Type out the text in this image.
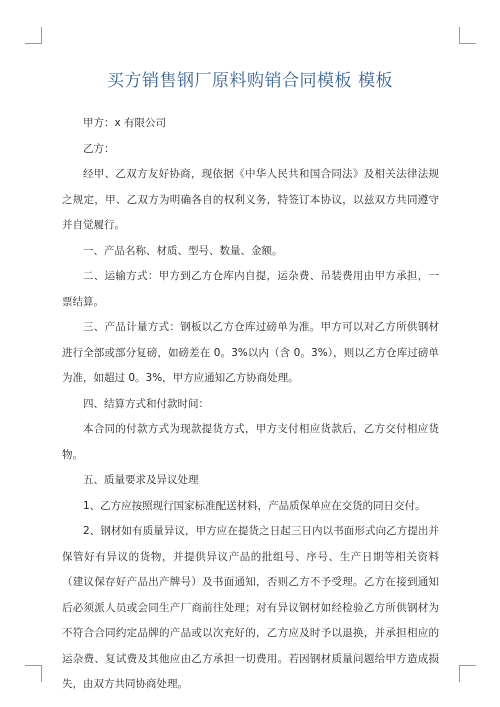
买方销售钢厂原料购销合同模板 模板

甲方：x 有限公司

乙方：

经甲、乙双方友好协商，现依据《中华人民共和国合同法》及相关法律法规之规定，甲、乙双方为明确各自的权利义务，特签订本协议，以兹双方共同遵守并自觉履行。

一、产品名称、材质、型号、数量、金额。

二、运输方式：甲方到乙方仓库内自提，运杂费、吊装费用由甲方承担，一票结算。

三、产品计量方式：钢板以乙方仓库过磅单为准。甲方可以对乙方所供钢材进行全部或部分复磅，如磅差在 0。3%以内（含 0。3%），则以乙方仓库过磅单为准，如超过 0。3%，甲方应通知乙方协商处理。

四、结算方式和付款时间：

本合同的付款方式为现款提货方式，甲方支付相应货款后，乙方交付相应货物。

五、质量要求及异议处理

1、乙方应按照现行国家标准配送材料，产品质保单应在交货的同日交付。

2、钢材如有质量异议，甲方应在提货之日起三日内以书面形式向乙方提出并保管好有异议的货物，并提供异议产品的批组号、序号、生产日期等相关资料（建议保存好产品出产牌号）及书面通知，否则乙方不予受理。乙方在接到通知后必须派人员或会同生产厂商前往处理；对有异议钢材如经检验乙方所供钢材为不符合合同约定品牌的产品或以次充好的，乙方应及时予以退换，并承担相应的运杂费、复试费及其他应由乙方承担一切费用。若因钢材质量问题给甲方造成损失，由双方共同协商处理。
